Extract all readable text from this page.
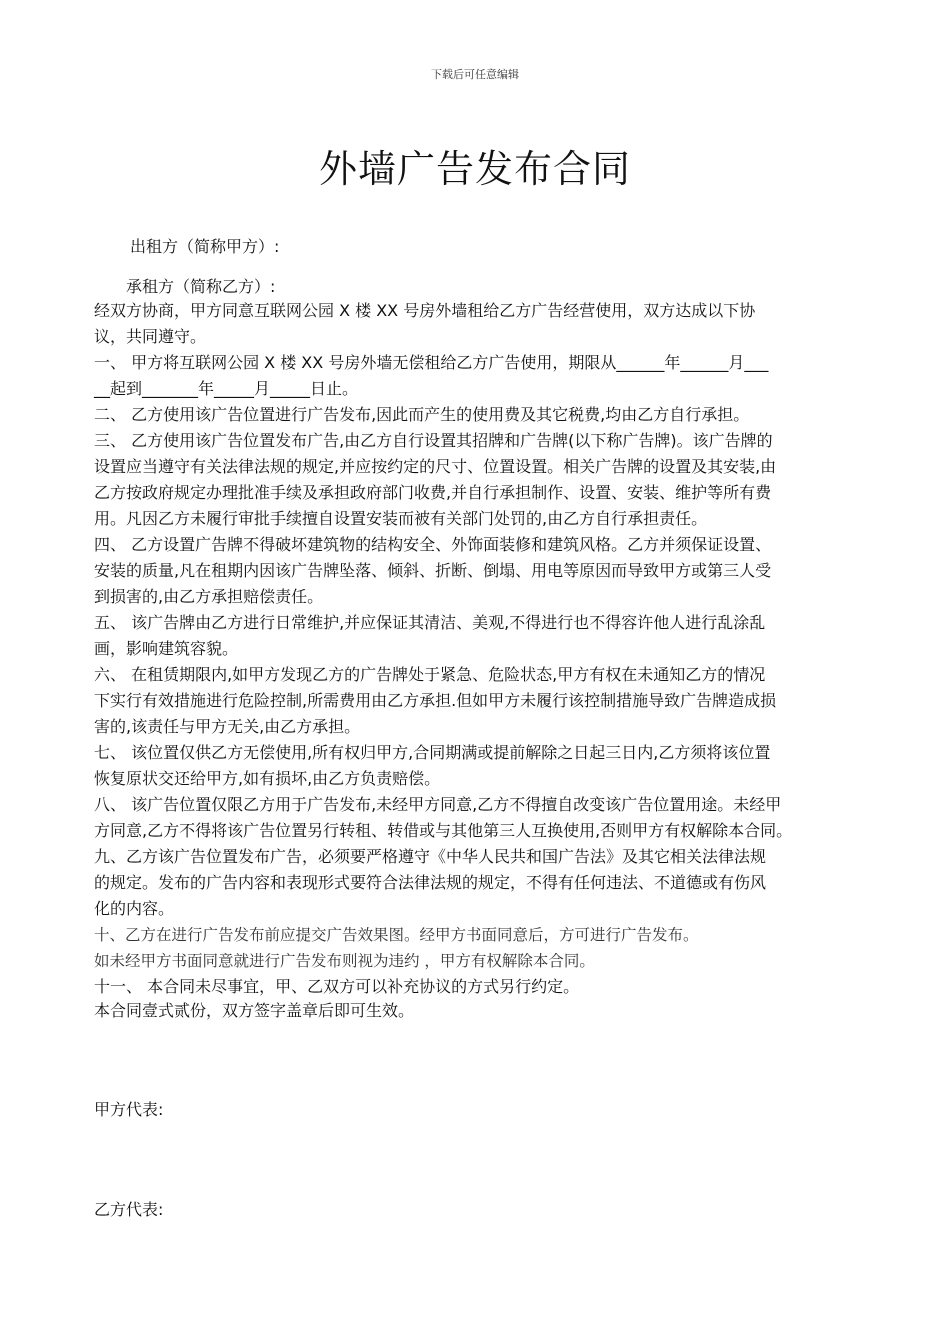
下载后可任意编辑
外墙广告发布合同
出租方（简称甲方）:
承租方（简称乙方）:

经双方协商，甲方同意互联网公园 X 楼 XX 号房外墙租给乙方广告经营使用，双方达成以下协

议，共同遵守。

一、 甲方将互联网公园 X 楼 XX 号房外墙无偿租给乙方广告使用，期限从______年______月___

__起到_______年_____月_____日止。

二、 乙方使用该广告位置进行广告发布,因此而产生的使用费及其它税费,均由乙方自行承担。

三、 乙方使用该广告位置发布广告,由乙方自行设置其招牌和广告牌(以下称广告牌)。该广告牌的

设置应当遵守有关法律法规的规定,并应按约定的尺寸、位置设置。相关广告牌的设置及其安装,由

乙方按政府规定办理批准手续及承担政府部门收费,并自行承担制作、设置、安装、维护等所有费

用。凡因乙方未履行审批手续擅自设置安装而被有关部门处罚的,由乙方自行承担责任。

四、 乙方设置广告牌不得破坏建筑物的结构安全、外饰面装修和建筑风格。乙方并须保证设置、

安装的质量,凡在租期内因该广告牌坠落、倾斜、折断、倒塌、用电等原因而导致甲方或第三人受

到损害的,由乙方承担赔偿责任。

五、 该广告牌由乙方进行日常维护,并应保证其清洁、美观,不得进行也不得容许他人进行乱涂乱

画，影响建筑容貌。

六、 在租赁期限内,如甲方发现乙方的广告牌处于紧急、危险状态,甲方有权在未通知乙方的情况

下实行有效措施进行危险控制,所需费用由乙方承担.但如甲方未履行该控制措施导致广告牌造成损

害的,该责任与甲方无关,由乙方承担。

七、 该位置仅供乙方无偿使用,所有权归甲方,合同期满或提前解除之日起三日内,乙方须将该位置

恢复原状交还给甲方,如有损坏,由乙方负责赔偿。

八、 该广告位置仅限乙方用于广告发布,未经甲方同意,乙方不得擅自改变该广告位置用途。未经甲

方同意,乙方不得将该广告位置另行转租、转借或与其他第三人互换使用,否则甲方有权解除本合同。

九、乙方该广告位置发布广告，必须要严格遵守《中华人民共和国广告法》及其它相关法律法规

的规定。发布的广告内容和表现形式要符合法律法规的规定，不得有任何违法、不道德或有伤风

化的内容。

十、乙方在进行广告发布前应提交广告效果图。经甲方书面同意后，方可进行广告发布。

如未经甲方书面同意就进行广告发布则视为违约 ，甲方有权解除本合同。

十一、 本合同未尽事宜，甲、乙双方可以补充协议的方式另行约定。

本合同壹式贰份，双方签字盖章后即可生效。
甲方代表:
乙方代表:
